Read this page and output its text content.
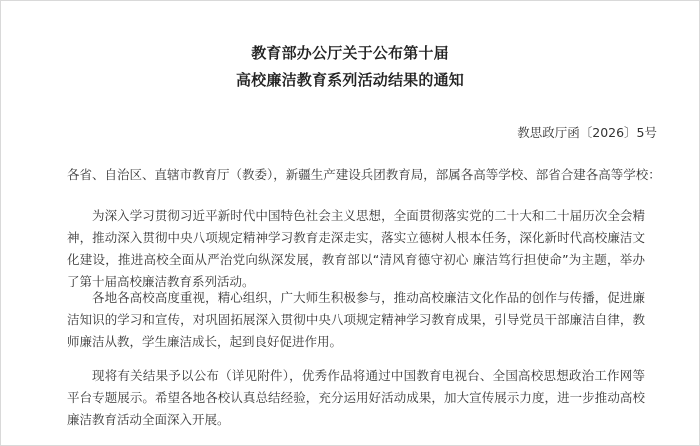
教育部办公厅关于公布第十届
高校廉洁教育系列活动结果的通知
教思政厅函〔2026〕5号
各省、自治区、直辖市教育厅（教委），新疆生产建设兵团教育局，部属各高等学校、部省合建各高等学校：

为深入学习贯彻习近平新时代中国特色社会主义思想，全面贯彻落实党的二十大和二十届历次全会精神，推动深入贯彻中央八项规定精神学习教育走深走实，落实立德树人根本任务，深化新时代高校廉洁文化建设，推进高校全面从严治党向纵深发展，教育部以“清风育德守初心 廉洁笃行担使命”为主题，举办了第十届高校廉洁教育系列活动。

各地各高校高度重视，精心组织，广大师生积极参与，推动高校廉洁文化作品的创作与传播，促进廉洁知识的学习和宣传，对巩固拓展深入贯彻中央八项规定精神学习教育成果，引导党员干部廉洁自律，教师廉洁从教，学生廉洁成长，起到良好促进作用。

现将有关结果予以公布（详见附件），优秀作品将通过中国教育电视台、全国高校思想政治工作网等平台专题展示。希望各地各校认真总结经验，充分运用好活动成果，加大宣传展示力度，进一步推动高校廉洁教育活动全面深入开展。
